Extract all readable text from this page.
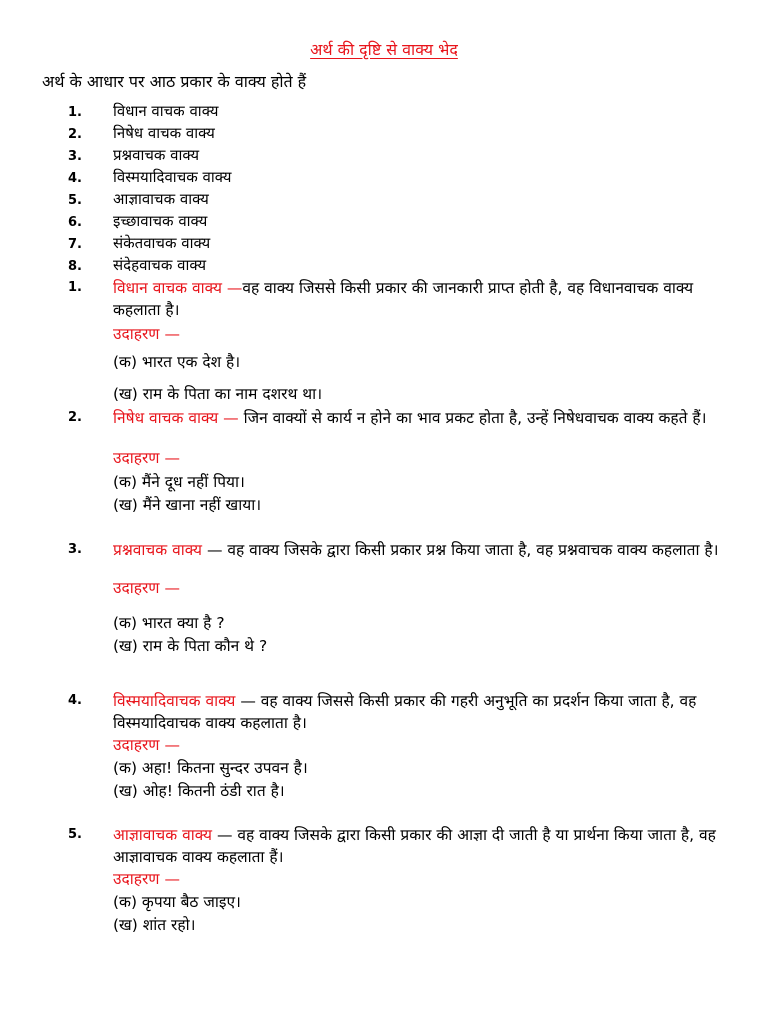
अर्थ की दृष्टि से वाक्य भेद
अर्थ के आधार पर आठ प्रकार के वाक्य होते हैं
1. विधान वाचक वाक्य
2. निषेध वाचक वाक्य
3. प्रश्नवाचक वाक्य
4. विस्मयादिवाचक वाक्य
5. आज्ञावाचक वाक्य
6. इच्छावाचक वाक्य
7. संकेतवाचक वाक्य
8. संदेहवाचक वाक्य
1. विधान वाचक वाक्य —वह वाक्य जिससे किसी प्रकार की जानकारी प्राप्त होती है, वह विधानवाचक वाक्य कहलाता है।
उदाहरण —
(क) भारत एक देश है।
(ख) राम के पिता का नाम दशरथ था।
2. निषेध वाचक वाक्य — जिन वाक्यों से कार्य न होने का भाव प्रकट होता है, उन्हें निषेधवाचक वाक्य कहते हैं।
उदाहरण —
(क) मैंने दूध नहीं पिया।
(ख) मैंने खाना नहीं खाया।
3. प्रश्नवाचक वाक्य — वह वाक्य जिसके द्वारा किसी प्रकार प्रश्न किया जाता है, वह प्रश्नवाचक वाक्य कहलाता है।
उदाहरण —
(क) भारत क्या है ?
(ख) राम के पिता कौन थे ?
4. विस्मयादिवाचक वाक्य — वह वाक्य जिससे किसी प्रकार की गहरी अनुभूति का प्रदर्शन किया जाता है, वह विस्मयादिवाचक वाक्य कहलाता है।
उदाहरण —
(क) अहा! कितना सुन्दर उपवन है।
(ख) ओह! कितनी ठंडी रात है।
5. आज्ञावाचक वाक्य — वह वाक्य जिसके द्वारा किसी प्रकार की आज्ञा दी जाती है या प्रार्थना किया जाता है, वह आज्ञावाचक वाक्य कहलाता हैं।
उदाहरण —
(क) कृपया बैठ जाइए।
(ख) शांत रहो।
